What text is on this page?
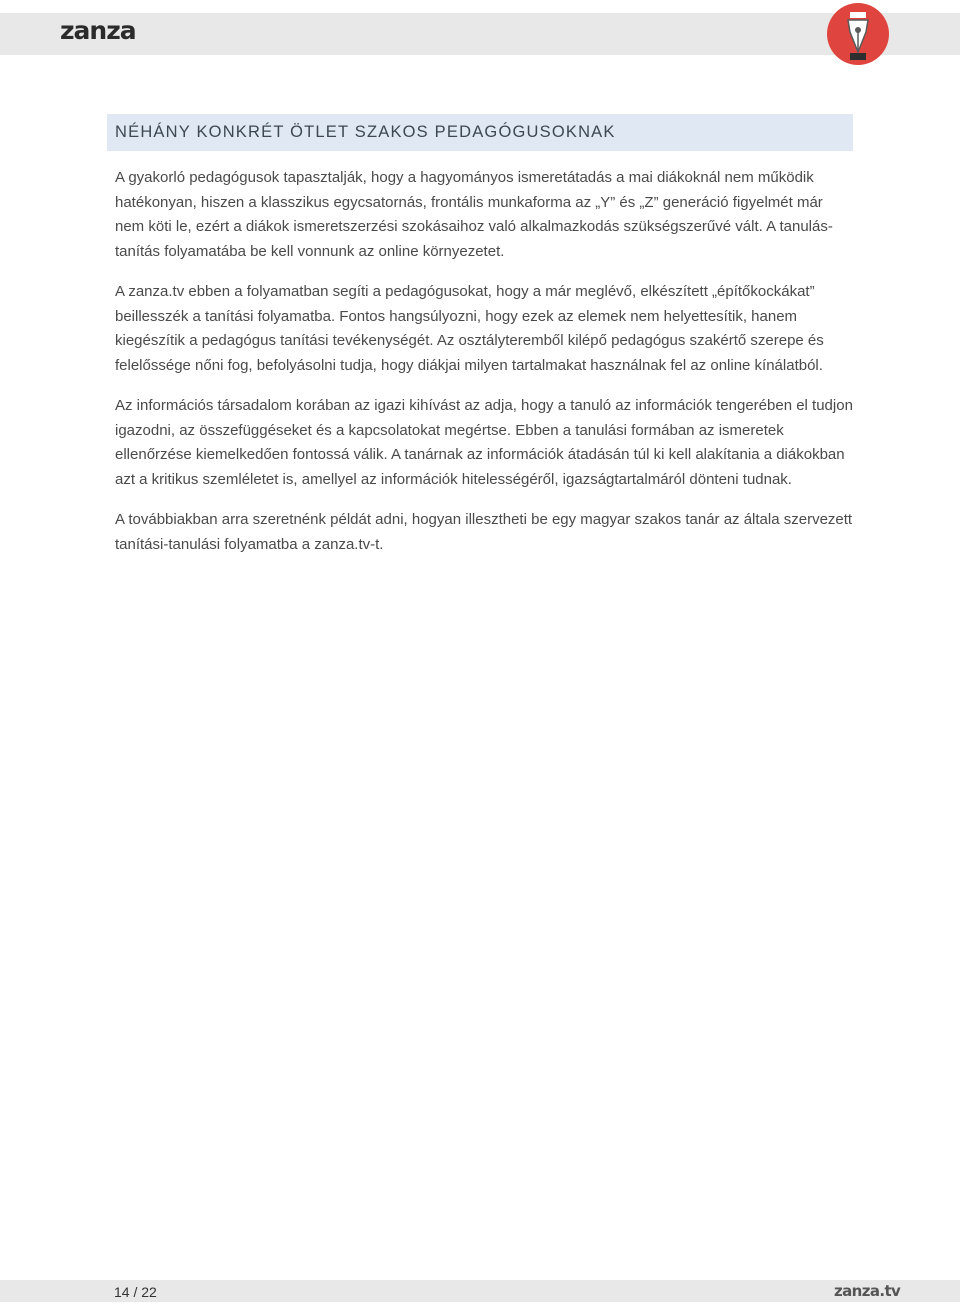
zanza
NÉHÁNY KONKRÉT ÖTLET SZAKOS PEDAGÓGUSOKNAK

A gyakorló pedagógusok tapasztalják, hogy a hagyományos ismeretátadás a mai diákoknál nem működik hatékonyan, hiszen a klasszikus egycsatornás, frontális munkaforma az „Y” és „Z” generáció figyelmét már nem köti le, ezért a diákok ismeretszerzési szokásaihoz való alkalmazkodás szükségszerűvé vált. A tanulás-tanítás folyamatába be kell vonnunk az online környezetet.

A zanza.tv ebben a folyamatban segíti a pedagógusokat, hogy a már meglévő, elkészített „építőkockákat” beillesszék a tanítási folyamatba. Fontos hangsúlyozni, hogy ezek az elemek nem helyettesítik, hanem kiegészítik a pedagógus tanítási tevékenységét. Az osztályteremből kilépő pedagógus szakértő szerepe és felelőssége nőni fog, befolyásolni tudja, hogy diákjai milyen tartalmakat használnak fel az online kínálatból.

Az információs társadalom korában az igazi kihívást az adja, hogy a tanuló az információk tengerében el tudjon igazodni, az összefüggéseket és a kapcsolatokat megértse. Ebben a tanulási formában az ismeretek ellenőrzése kiemelkedően fontossá válik. A tanárnak az információk átadásán túl ki kell alakítania a diákokban azt a kritikus szemléletet is, amellyel az információk hitelességéről, igazságtartalmáról dönteni tudnak.

A továbbiakban arra szeretnénk példát adni, hogyan illesztheti be egy magyar szakos tanár az általa szervezett tanítási-tanulási folyamatba a zanza.tv-t.

14 / 22	zanza.tv
